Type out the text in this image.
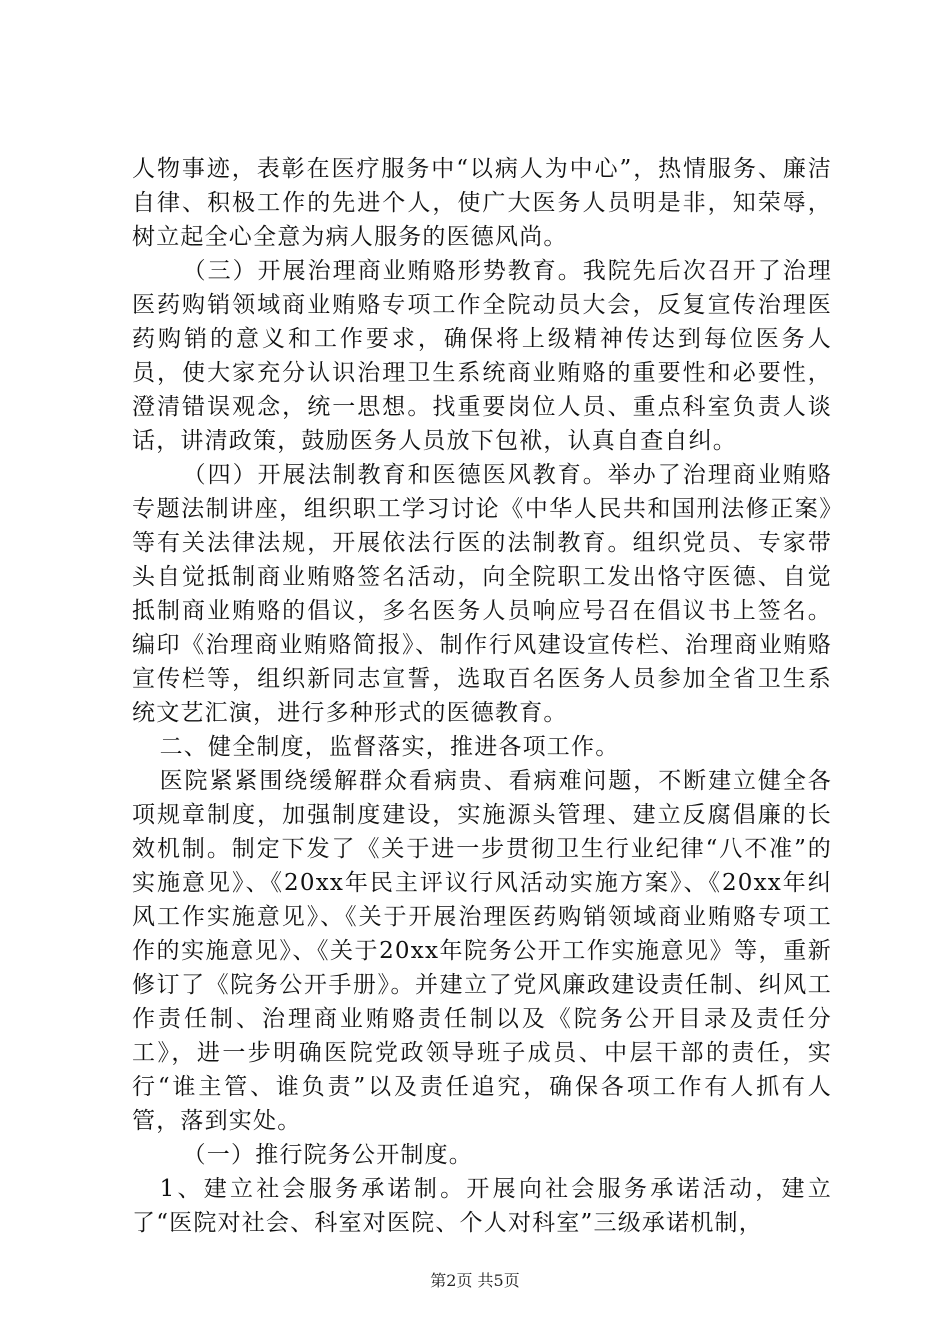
人物事迹，表彰在医疗服务中“以病人为中心”，热情服务、廉洁自律、积极工作的先进个人，使广大医务人员明是非，知荣辱，树立起全心全意为病人服务的医德风尚。

（三）开展治理商业贿赂形势教育。我院先后次召开了治理医药购销领域商业贿赂专项工作全院动员大会，反复宣传治理医药购销的意义和工作要求，确保将上级精神传达到每位医务人员，使大家充分认识治理卫生系统商业贿赂的重要性和必要性，澄清错误观念，统一思想。找重要岗位人员、重点科室负责人谈话，讲清政策，鼓励医务人员放下包袱，认真自查自纠。

（四）开展法制教育和医德医风教育。举办了治理商业贿赂专题法制讲座，组织职工学习讨论《中华人民共和国刑法修正案》等有关法律法规，开展依法行医的法制教育。组织党员、专家带头自觉抵制商业贿赂签名活动，向全院职工发出恪守医德、自觉抵制商业贿赂的倡议，多名医务人员响应号召在倡议书上签名。编印《治理商业贿赂简报》、制作行风建设宣传栏、治理商业贿赂宣传栏等，组织新同志宣誓，选取百名医务人员参加全省卫生系统文艺汇演，进行多种形式的医德教育。

二、健全制度，监督落实，推进各项工作。

医院紧紧围绕缓解群众看病贵、看病难问题，不断建立健全各项规章制度，加强制度建设，实施源头管理、建立反腐倡廉的长效机制。制定下发了《关于进一步贯彻卫生行业纪律“八不准”的实施意见》、《20xx年民主评议行风活动实施方案》、《20xx年纠风工作实施意见》、《关于开展治理医药购销领域商业贿赂专项工作的实施意见》、《关于20xx年院务公开工作实施意见》等，重新修订了《院务公开手册》。并建立了党风廉政建设责任制、纠风工作责任制、治理商业贿赂责任制以及《院务公开目录及责任分工》，进一步明确医院党政领导班子成员、中层干部的责任，实行“谁主管、谁负责”以及责任追究，确保各项工作有人抓有人管，落到实处。

（一）推行院务公开制度。

1、建立社会服务承诺制。开展向社会服务承诺活动，建立了“医院对社会、科室对医院、个人对科室”三级承诺机制，

第2页 共5页
